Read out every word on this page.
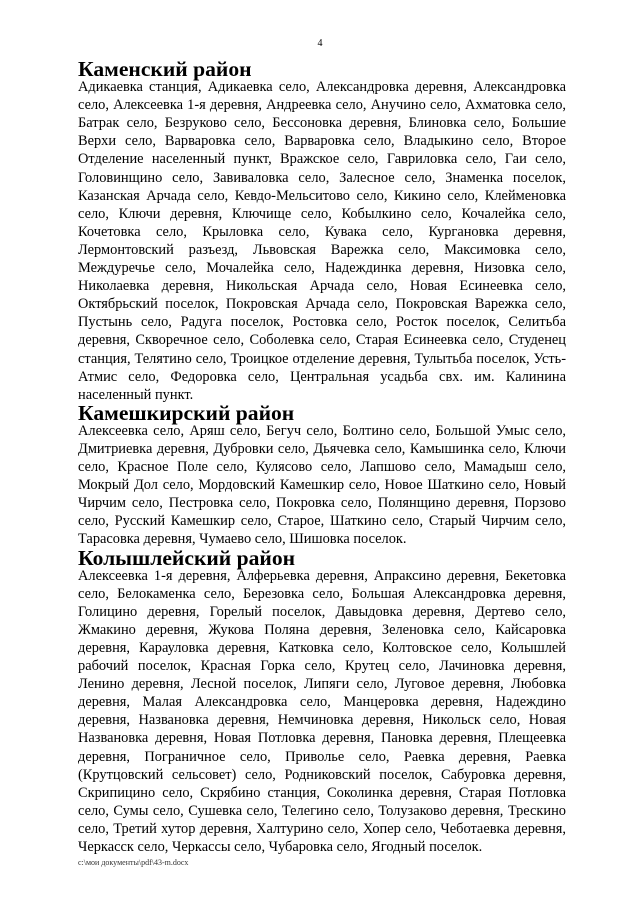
4
Каменский район

Адикаевка станция, Адикаевка село, Александровка деревня, Александровка село, Алексеевка 1-я деревня, Андреевка село, Анучино село, Ахматовка село, Батрак село, Безруково село, Бессоновка деревня, Блиновка село, Большие Верхи село, Варваровка село, Варваровка село, Владыкино село, Второе Отделение населенный пункт, Вражское село, Гавриловка село, Гаи село, Головинщино село, Завиваловка село, Залесное село, Знаменка поселок, Казанская Арчада село, Кевдо-Мельситово село, Кикино село, Клейменовка село, Ключи деревня, Ключище село, Кобылкино село, Кочалейка село, Кочетовка село, Крыловка село, Кувака село, Кургановка деревня, Лермонтовский разъезд, Львовская Варежка село, Максимовка село, Междуречье село, Мочалейка село, Надеждинка деревня, Низовка село, Николаевка деревня, Никольская Арчада село, Новая Есинеевка село, Октябрьский поселок, Покровская Арчада село, Покровская Варежка село, Пустынь село, Радуга поселок, Ростовка село, Росток поселок, Селитьба деревня, Скворечное село, Соболевка село, Старая Есинеевка село, Студенец станция, Телятино село, Троицкое отделение деревня, Тулытьба поселок, Усть-Атмис село, Федоровка село, Центральная усадьба свх. им. Калинина населенный пункт.

Камешкирский район

Алексеевка село, Аряш село, Бегуч село, Болтино село, Большой Умыс село, Дмитриевка деревня, Дубровки село, Дьячевка село, Камышинка село, Ключи село, Красное Поле село, Кулясово село, Лапшово село, Мамадыш село, Мокрый Дол село, Мордовский Камешкир село, Новое Шаткино село, Новый Чирчим село, Пестровка село, Покровка село, Полянщино деревня, Порзово село, Русский Камешкир село, Старое, Шаткино село, Старый Чирчим село, Тарасовка деревня, Чумаево село, Шишовка поселок.

Колышлейский район

Алексеевка 1-я деревня, Алферьевка деревня, Апраксино деревня, Бекетовка село, Белокаменка село, Березовка село, Большая Александровка деревня, Голицино деревня, Горелый поселок, Давыдовка деревня, Дертево село, Жмакино деревня, Жукова Поляна деревня, Зеленовка село, Кайсаровка деревня, Карауловка деревня, Катковка село, Колтовское село, Колышлей рабочий поселок, Красная Горка село, Крутец село, Лачиновка деревня, Ленино деревня, Лесной поселок, Липяги село, Луговое деревня, Любовка деревня, Малая Александровка село, Манцеровка деревня, Надеждино деревня, Названовка деревня, Немчиновка деревня, Никольск село, Новая Названовка деревня, Новая Потловка деревня, Пановка деревня, Плещеевка деревня, Пограничное село, Приволье село, Раевка деревня, Раевка (Крутцовский сельсовет) село, Родниковский поселок, Сабуровка деревня, Скрипицино село, Скрябино станция, Соколинка деревня, Старая Потловка село, Сумы село, Сушевка село, Телегино село, Толузаково деревня, Трескино село, Третий хутор деревня, Халтурино село, Хопер село, Чеботаевка деревня, Черкасск село, Черкассы село, Чубаровка село, Ягодный поселок.

c:\мои документы\pdf\43-m.docx
